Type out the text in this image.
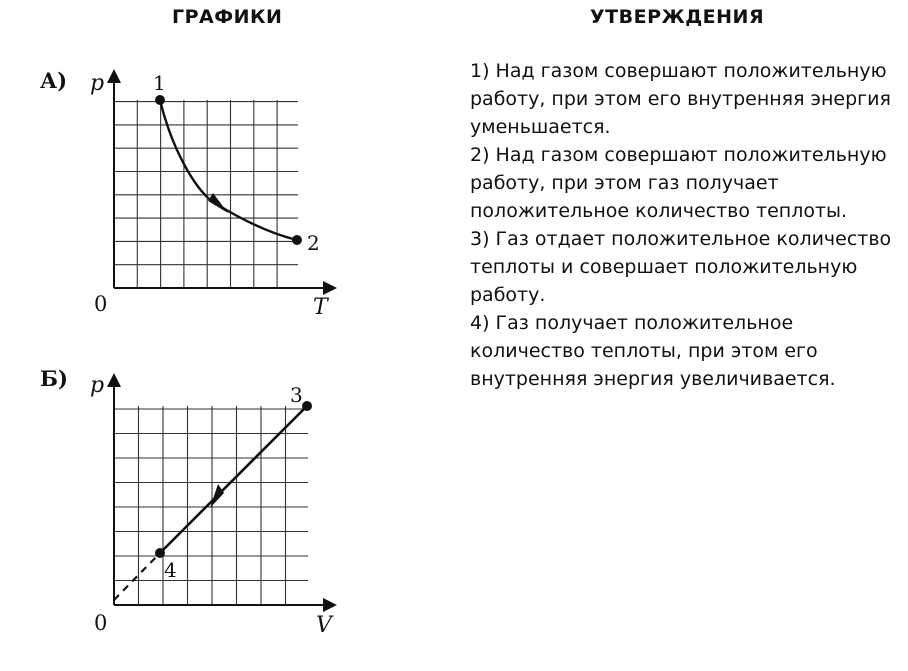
ГРАФИКИ	УТВЕРЖДЕНИЯ
А) p
T
0
1
2
Б) p
V
0
3
4

1) Над газом совершают положительную работу, при этом его внутренняя энергия уменьшается.

2) Над газом совершают положительную работу, при этом газ получает положительное количество теплоты.

3) Газ отдает положительное количество теплоты и совершает положительную работу.

4) Газ получает положительное количество теплоты, при этом его внутренняя энергия увеличивается.
